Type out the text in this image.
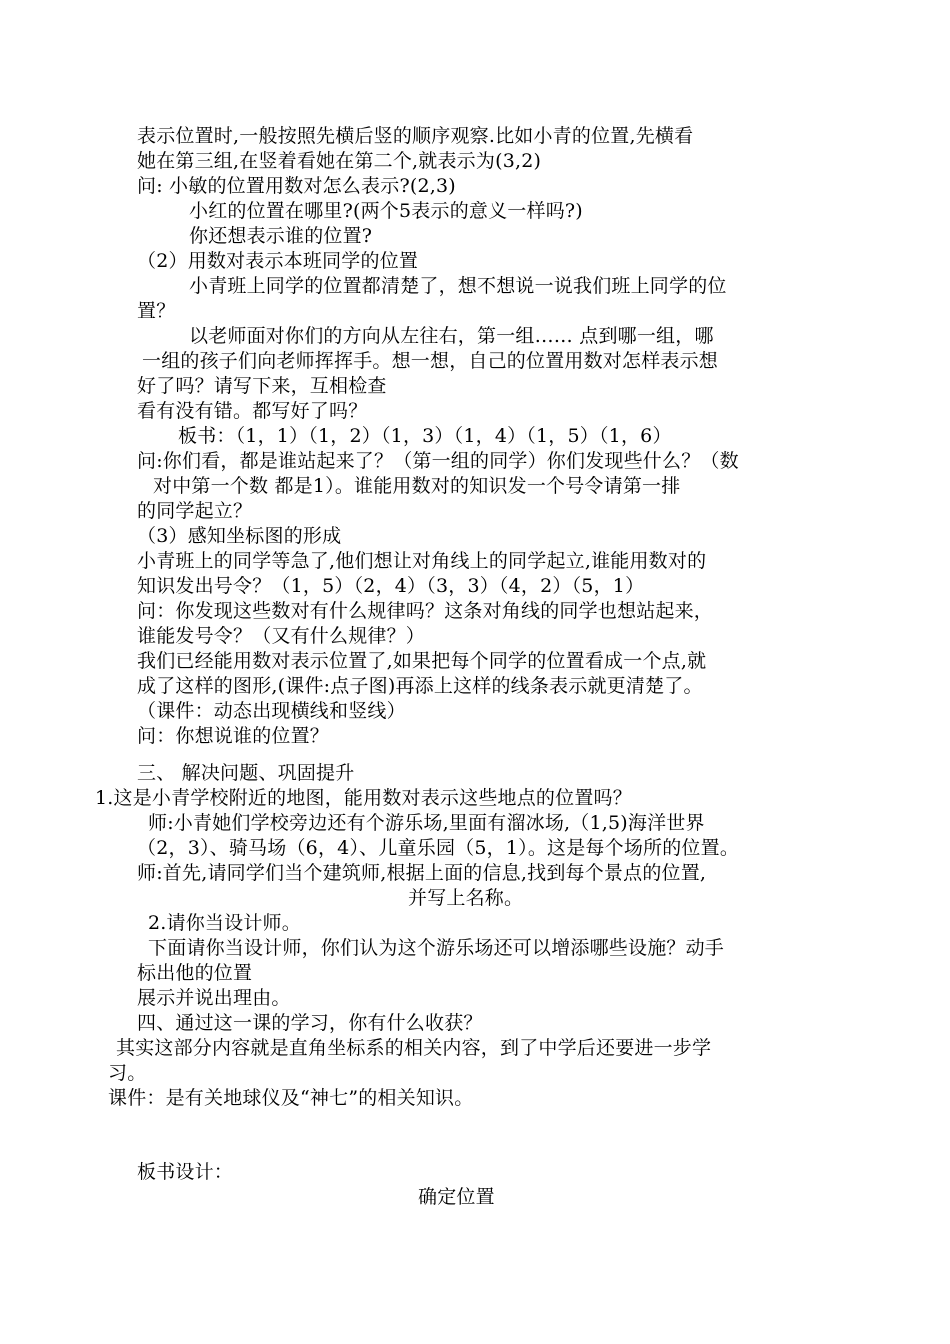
表示位置时,一般按照先横后竖的顺序观察.比如小青的位置,先横看
她在第三组,在竖着看她在第二个,就表示为(3,2)
问: 小敏的位置用数对怎么表示?(2,3)
小红的位置在哪里?(两个5表示的意义一样吗?)
你还想表示谁的位置?
（2）用数对表示本班同学的位置
小青班上同学的位置都清楚了，想不想说一说我们班上同学的位
置？
以老师面对你们的方向从左往右，第一组…… 点到哪一组，哪
一组的孩子们向老师挥挥手。想一想，自己的位置用数对怎样表示想
好了吗？请写下来，互相检查
看有没有错。都写好了吗？
板书：（1，1）（1，2）（1，3）（1，4）（1，5）（1，6）
问:你们看，都是谁站起来了？（第一组的同学）你们发现些什么？（数
对中第一个数 都是1）。谁能用数对的知识发一个号令请第一排
的同学起立？
（3）感知坐标图的形成
小青班上的同学等急了,他们想让对角线上的同学起立,谁能用数对的
知识发出号令？（1，5）（2，4）（3，3）（4，2）（5，1）
问：你发现这些数对有什么规律吗？这条对角线的同学也想站起来，
谁能发号令？（又有什么规律？）
我们已经能用数对表示位置了,如果把每个同学的位置看成一个点,就
成了这样的图形,(课件:点子图)再添上这样的线条表示就更清楚了。
（课件：动态出现横线和竖线）
问：你想说谁的位置？
三、 解决问题、巩固提升
1.这是小青学校附近的地图，能用数对表示这些地点的位置吗？
师:小青她们学校旁边还有个游乐场,里面有溜冰场,（1,5)海洋世界
（2，3）、骑马场（6，4）、儿童乐园（5，1）。这是每个场所的位置。
师:首先,请同学们当个建筑师,根据上面的信息,找到每个景点的位置,
并写上名称。
2.请你当设计师。
下面请你当设计师，你们认为这个游乐场还可以增添哪些设施？动手
标出他的位置
展示并说出理由。
四、通过这一课的学习，你有什么收获？
其实这部分内容就是直角坐标系的相关内容，到了中学后还要进一步学
习。
课件：是有关地球仪及“神七”的相关知识。
板书设计：
确定位置
